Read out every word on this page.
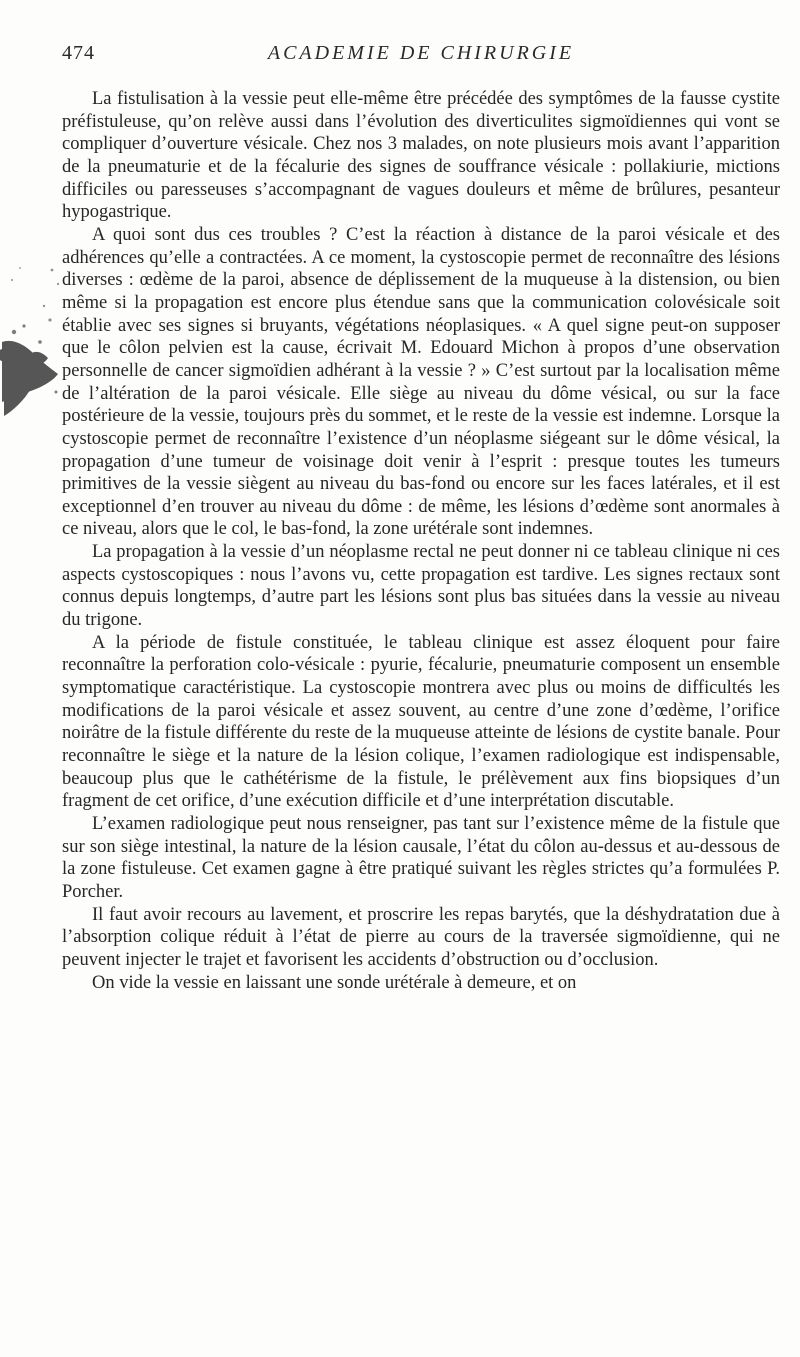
474	ACADEMIE DE CHIRURGIE

La fistulisation à la vessie peut elle-même être précédée des symptômes de la fausse cystite préfistuleuse, qu’on relève aussi dans l’évolution des diverticulites sigmoïdiennes qui vont se compliquer d’ouverture vésicale. Chez nos 3 malades, on note plusieurs mois avant l’apparition de la pneumaturie et de la fécalurie des signes de souffrance vésicale : pollakiurie, mictions difficiles ou paresseuses s’accompagnant de vagues douleurs et même de brûlures, pesanteur hypogastrique.

A quoi sont dus ces troubles ? C’est la réaction à distance de la paroi vésicale et des adhérences qu’elle a contractées. A ce moment, la cystoscopie permet de reconnaître des lésions diverses : œdème de la paroi, absence de déplissement de la muqueuse à la distension, ou bien même si la propagation est encore plus étendue sans que la communication colovésicale soit établie avec ses signes si bruyants, végétations néoplasiques. « A quel signe peut-on supposer que le côlon pelvien est la cause, écrivait M. Edouard Michon à propos d’une observation personnelle de cancer sigmoïdien adhérant à la vessie ? » C’est surtout par la localisation même de l’altération de la paroi vésicale. Elle siège au niveau du dôme vésical, ou sur la face postérieure de la vessie, toujours près du sommet, et le reste de la vessie est indemne. Lorsque la cystoscopie permet de reconnaître l’existence d’un néoplasme siégeant sur le dôme vésical, la propagation d’une tumeur de voisinage doit venir à l’esprit : presque toutes les tumeurs primitives de la vessie siègent au niveau du bas-fond ou encore sur les faces latérales, et il est exceptionnel d’en trouver au niveau du dôme : de même, les lésions d’œdème sont anormales à ce niveau, alors que le col, le bas-fond, la zone urétérale sont indemnes.

La propagation à la vessie d’un néoplasme rectal ne peut donner ni ce tableau clinique ni ces aspects cystoscopiques : nous l’avons vu, cette propagation est tardive. Les signes rectaux sont connus depuis longtemps, d’autre part les lésions sont plus bas situées dans la vessie au niveau du trigone.

A la période de fistule constituée, le tableau clinique est assez éloquent pour faire reconnaître la perforation colo-vésicale : pyurie, fécalurie, pneumaturie composent un ensemble symptomatique caractéristique. La cystoscopie montrera avec plus ou moins de difficultés les modifications de la paroi vésicale et assez souvent, au centre d’une zone d’œdème, l’orifice noirâtre de la fistule différente du reste de la muqueuse atteinte de lésions de cystite banale. Pour reconnaître le siège et la nature de la lésion colique, l’examen radiologique est indispensable, beaucoup plus que le cathétérisme de la fistule, le prélèvement aux fins biopsiques d’un fragment de cet orifice, d’une exécution difficile et d’une interprétation discutable.

L’examen radiologique peut nous renseigner, pas tant sur l’existence même de la fistule que sur son siège intestinal, la nature de la lésion causale, l’état du côlon au-dessus et au-dessous de la zone fistuleuse. Cet examen gagne à être pratiqué suivant les règles strictes qu’a formulées P. Porcher.

Il faut avoir recours au lavement, et proscrire les repas barytés, que la déshydratation due à l’absorption colique réduit à l’état de pierre au cours de la traversée sigmoïdienne, qui ne peuvent injecter le trajet et favorisent les accidents d’obstruction ou d’occlusion.

On vide la vessie en laissant une sonde urétérale à demeure, et on
